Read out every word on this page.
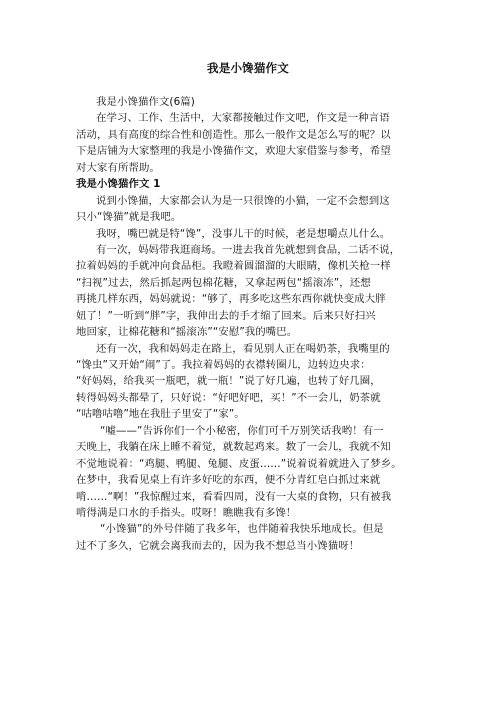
我是小馋猫作文
我是小馋猫作文(6篇)
在学习、工作、生活中，大家都接触过作文吧，作文是一种言语
活动，具有高度的综合性和创造性。那么一般作文是怎么写的呢？以
下是店铺为大家整理的我是小馋猫作文，欢迎大家借鉴与参考，希望
对大家有所帮助。
我是小馋猫作文 1
说到小馋猫，大家都会认为是一只很馋的小猫，一定不会想到这
只小“馋猫”就是我吧。
我呀，嘴巴就是特“馋”，没事儿干的时候，老是想嚼点儿什么。
有一次，妈妈带我逛商场。一进去我首先就想到食品，二话不说，
拉着妈妈的手就冲向食品柜。我瞪着圆溜溜的大眼睛，像机关枪一样
“扫视”过去，然后抓起两包棉花糖，又拿起两包“摇滚冻”，还想
再挑几样东西，妈妈就说：“够了，再多吃这些东西你就快变成大胖
妞了！”一听到“胖”字，我伸出去的手才缩了回来。后来只好扫兴
地回家，让棉花糖和“摇滚冻”“安慰”我的嘴巴。
还有一次，我和妈妈走在路上，看见别人正在喝奶茶，我嘴里的
“馋虫”又开始“闹”了。我拉着妈妈的衣襟转圈儿，边转边央求：
“好妈妈，给我买一瓶吧，就一瓶！”说了好几遍，也转了好几圈，
转得妈妈头都晕了，只好说：“好吧好吧，买！”不一会儿，奶茶就
“咕噜咕噜”地在我肚子里安了“家”。
“嘘——”告诉你们一个小秘密，你们可千万别笑话我哟！有一
天晚上，我躺在床上睡不着觉，就数起鸡来。数了一会儿，我就不知
不觉地说着：“鸡腿、鸭腿、兔腿、皮蛋……”说着说着就进入了梦乡。
在梦中，我看见桌上有许多好吃的东西，便不分青红皂白抓过来就
啃……“啊！”我惊醒过来，看看四周，没有一大桌的食物，只有被我
啃得满是口水的手指头。哎呀！瞧瞧我有多馋！
“小馋猫”的外号伴随了我多年，也伴随着我快乐地成长。但是
过不了多久，它就会离我而去的，因为我不想总当小馋猫呀！
